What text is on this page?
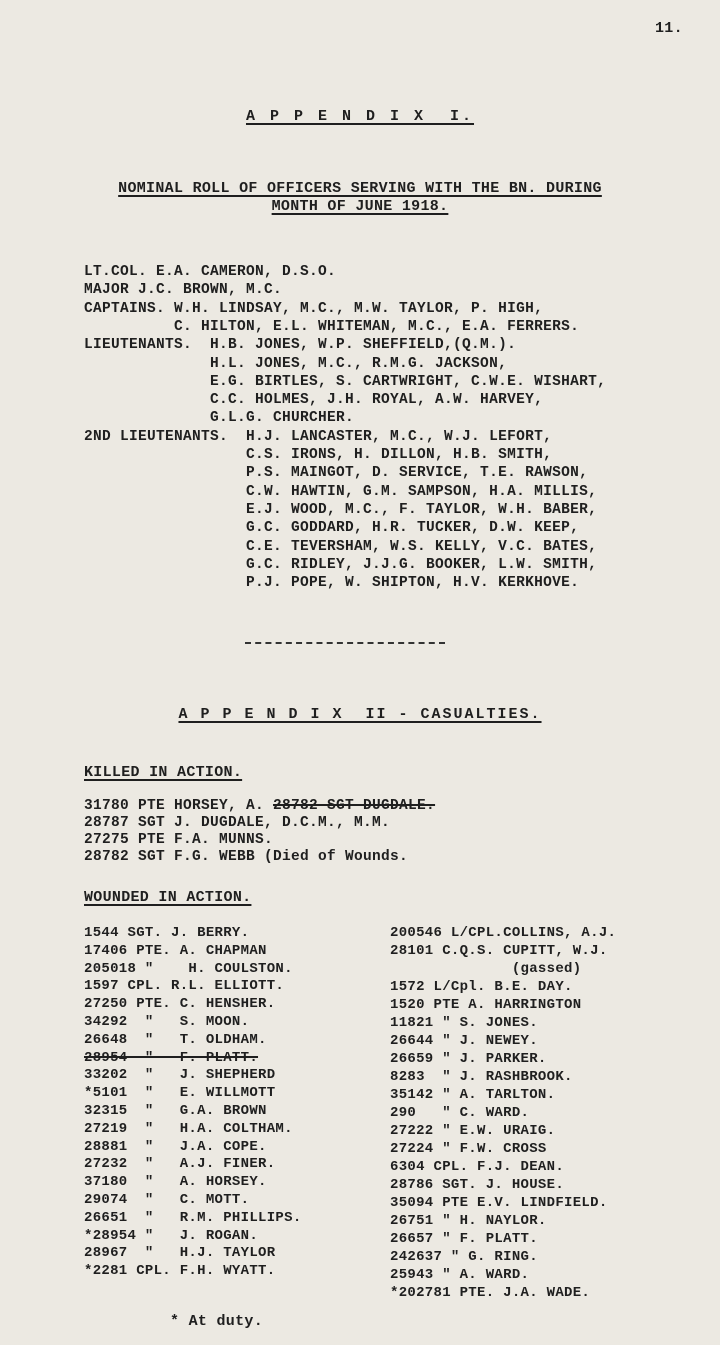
11.
A P P E N D I X  I.
NOMINAL ROLL OF OFFICERS SERVING WITH THE BN. DURING
MONTH OF JUNE 1918.
LT.COL. E.A. CAMERON, D.S.O.
MAJOR J.C. BROWN, M.C.
CAPTAINS. W.H. LINDSAY, M.C., M.W. TAYLOR, P. HIGH,
C. HILTON, E.L. WHITEMAN, M.C., E.A. FERRERS.
LIEUTENANTS.  H.B. JONES, W.P. SHEFFIELD,(Q.M.).
H.L. JONES, M.C., R.M.G. JACKSON,
E.G. BIRTLES, S. CARTWRIGHT, C.W.E. WISHART,
C.C. HOLMES, J.H. ROYAL, A.W. HARVEY,
G.L.G. CHURCHER.
2ND LIEUTENANTS.  H.J. LANCASTER, M.C., W.J. LEFORT,
C.S. IRONS, H. DILLON, H.B. SMITH,
P.S. MAINGOT, D. SERVICE, T.E. RAWSON,
C.W. HAWTIN, G.M. SAMPSON, H.A. MILLIS,
E.J. WOOD, M.C., F. TAYLOR, W.H. BABER,
G.C. GODDARD, H.R. TUCKER, D.W. KEEP,
C.E. TEVERSHAM, W.S. KELLY, V.C. BATES,
G.C. RIDLEY, J.J.G. BOOKER, L.W. SMITH,
P.J. POPE, W. SHIPTON, H.V. KERKHOVE.
A P P E N D I X  II - CASUALTIES.
KILLED IN ACTION.
31780 PTE HORSEY, A. 28782 SGT DUGDALE.
28787 SGT J. DUGDALE, D.C.M., M.M.
27275 PTE F.A. MUNNS.
28782 SGT F.G. WEBB (Died of Wounds.
WOUNDED IN ACTION.
1544 SGT. J. BERRY.
17406 PTE. A. CHAPMAN
205018 "    H. COULSTON.
1597 CPL. R.L. ELLIOTT.
27250 PTE. C. HENSHER.
34292  "   S. MOON.
26648  "   T. OLDHAM.
28954  "   F. PLATT.
33202  "   J. SHEPHERD
*5101  "   E. WILLMOTT
32315  "   G.A. BROWN
27219  "   H.A. COLTHAM.
28881  "   J.A. COPE.
27232  "   A.J. FINER.
37180  "   A. HORSEY.
29074  "   C. MOTT.
26651  "   R.M. PHILLIPS.
*28954 "   J. ROGAN.
28967  "   H.J. TAYLOR
*2281 CPL. F.H. WYATT.
200546 L/CPL.COLLINS, A.J.
28101 C.Q.S. CUPITT, W.J.
(gassed)
1572 L/Cpl. B.E. DAY.
1520 PTE A. HARRINGTON
11821 " S. JONES.
26644 " J. NEWEY.
26659 " J. PARKER.
8283  " J. RASHBROOK.
35142 " A. TARLTON.
290   " C. WARD.
27222 " E.W. URAIG.
27224 " F.W. CROSS
6304 CPL. F.J. DEAN.
28786 SGT. J. HOUSE.
35094 PTE E.V. LINDFIELD.
26751 " H. NAYLOR.
26657 " F. PLATT.
242637 " G. RING.
25943 " A. WARD.
*202781 PTE. J.A. WADE.
* At duty.
